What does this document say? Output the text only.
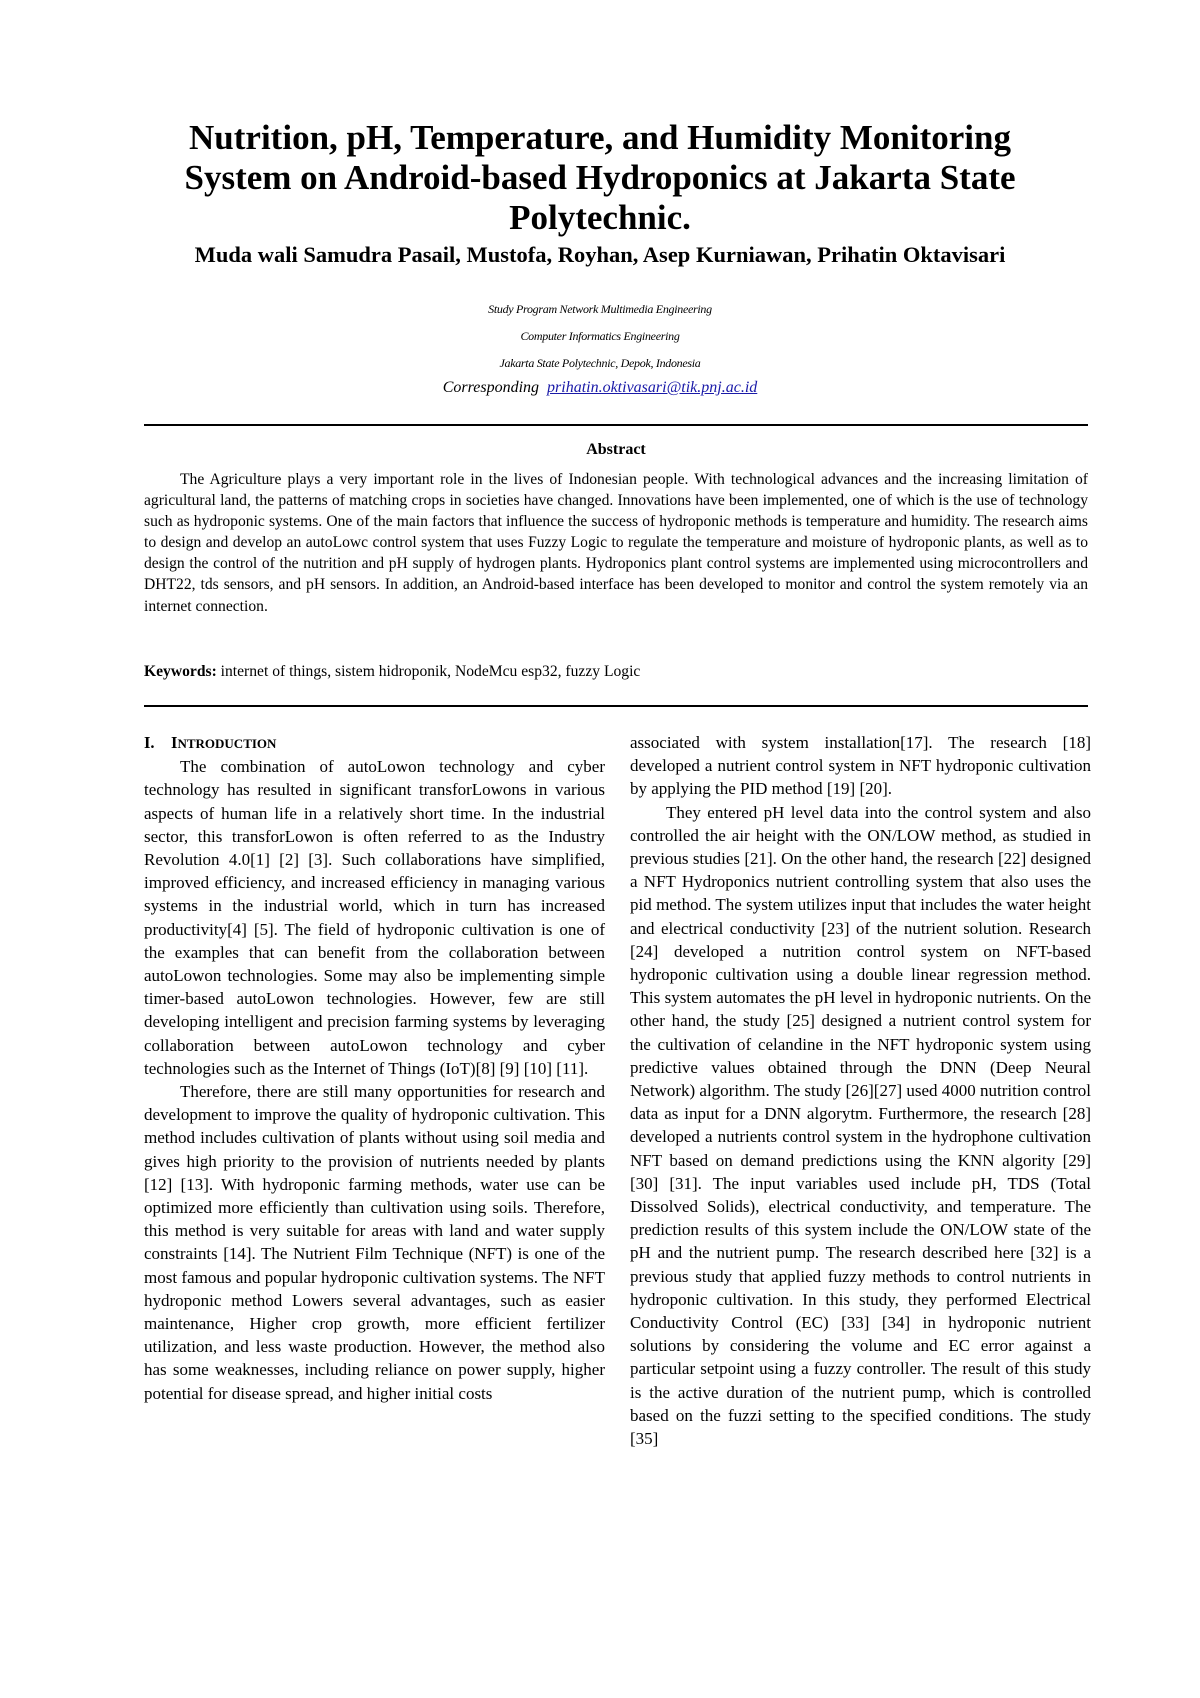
Nutrition, pH, Temperature, and Humidity Monitoring System on Android-based Hydroponics at Jakarta State Polytechnic.

Muda wali Samudra Pasail, Mustofa, Royhan, Asep Kurniawan, Prihatin Oktavisari

Study Program Network Multimedia Engineering

Computer Informatics Engineering

Jakarta State Polytechnic, Depok, Indonesia

Corresponding prihatin.oktivasari@tik.pnj.ac.id

Abstract

The Agriculture plays a very important role in the lives of Indonesian people. With technological advances and the increasing limitation of agricultural land, the patterns of matching crops in societies have changed. Innovations have been implemented, one of which is the use of technology such as hydroponic systems. One of the main factors that influence the success of hydroponic methods is temperature and humidity. The research aims to design and develop an autoLowc control system that uses Fuzzy Logic to regulate the temperature and moisture of hydroponic plants, as well as to design the control of the nutrition and pH supply of hydrogen plants. Hydroponics plant control systems are implemented using microcontrollers and DHT22, tds sensors, and pH sensors. In addition, an Android-based interface has been developed to monitor and control the system remotely via an internet connection.

Keywords: internet of things, sistem hidroponik, NodeMcu esp32, fuzzy Logic

I. INTRODUCTION

The combination of autoLowon technology and cyber technology has resulted in significant transforLowons in various aspects of human life in a relatively short time. In the industrial sector, this transforLowon is often referred to as the Industry Revolution 4.0[1] [2] [3]. Such collaborations have simplified, improved efficiency, and increased efficiency in managing various systems in the industrial world, which in turn has increased productivity[4] [5]. The field of hydroponic cultivation is one of the examples that can benefit from the collaboration between autoLowon technologies. Some may also be implementing simple timer-based autoLowon technologies. However, few are still developing intelligent and precision farming systems by leveraging collaboration between autoLowon technology and cyber technologies such as the Internet of Things (IoT)[8] [9] [10] [11].

Therefore, there are still many opportunities for research and development to improve the quality of hydroponic cultivation. This method includes cultivation of plants without using soil media and gives high priority to the provision of nutrients needed by plants [12] [13]. With hydroponic farming methods, water use can be optimized more efficiently than cultivation using soils. Therefore, this method is very suitable for areas with land and water supply constraints [14]. The Nutrient Film Technique (NFT) is one of the most famous and popular hydroponic cultivation systems. The NFT hydroponic method Lowers several advantages, such as easier maintenance, Higher crop growth, more efficient fertilizer utilization, and less waste production. However, the method also has some weaknesses, including reliance on power supply, higher potential for disease spread, and higher initial costs

associated with system installation[17]. The research [18] developed a nutrient control system in NFT hydroponic cultivation by applying the PID method [19] [20].

They entered pH level data into the control system and also controlled the air height with the ON/LOW method, as studied in previous studies [21]. On the other hand, the research [22] designed a NFT Hydroponics nutrient controlling system that also uses the pid method. The system utilizes input that includes the water height and electrical conductivity [23] of the nutrient solution. Research [24] developed a nutrition control system on NFT-based hydroponic cultivation using a double linear regression method. This system automates the pH level in hydroponic nutrients. On the other hand, the study [25] designed a nutrient control system for the cultivation of celandine in the NFT hydroponic system using predictive values obtained through the DNN (Deep Neural Network) algorithm. The study [26][27] used 4000 nutrition control data as input for a DNN algorytm. Furthermore, the research [28] developed a nutrients control system in the hydrophone cultivation NFT based on demand predictions using the KNN algority [29] [30] [31]. The input variables used include pH, TDS (Total Dissolved Solids), electrical conductivity, and temperature. The prediction results of this system include the ON/LOW state of the pH and the nutrient pump. The research described here [32] is a previous study that applied fuzzy methods to control nutrients in hydroponic cultivation. In this study, they performed Electrical Conductivity Control (EC) [33] [34] in hydroponic nutrient solutions by considering the volume and EC error against a particular setpoint using a fuzzy controller. The result of this study is the active duration of the nutrient pump, which is controlled based on the fuzzi setting to the specified conditions. The study [35]
